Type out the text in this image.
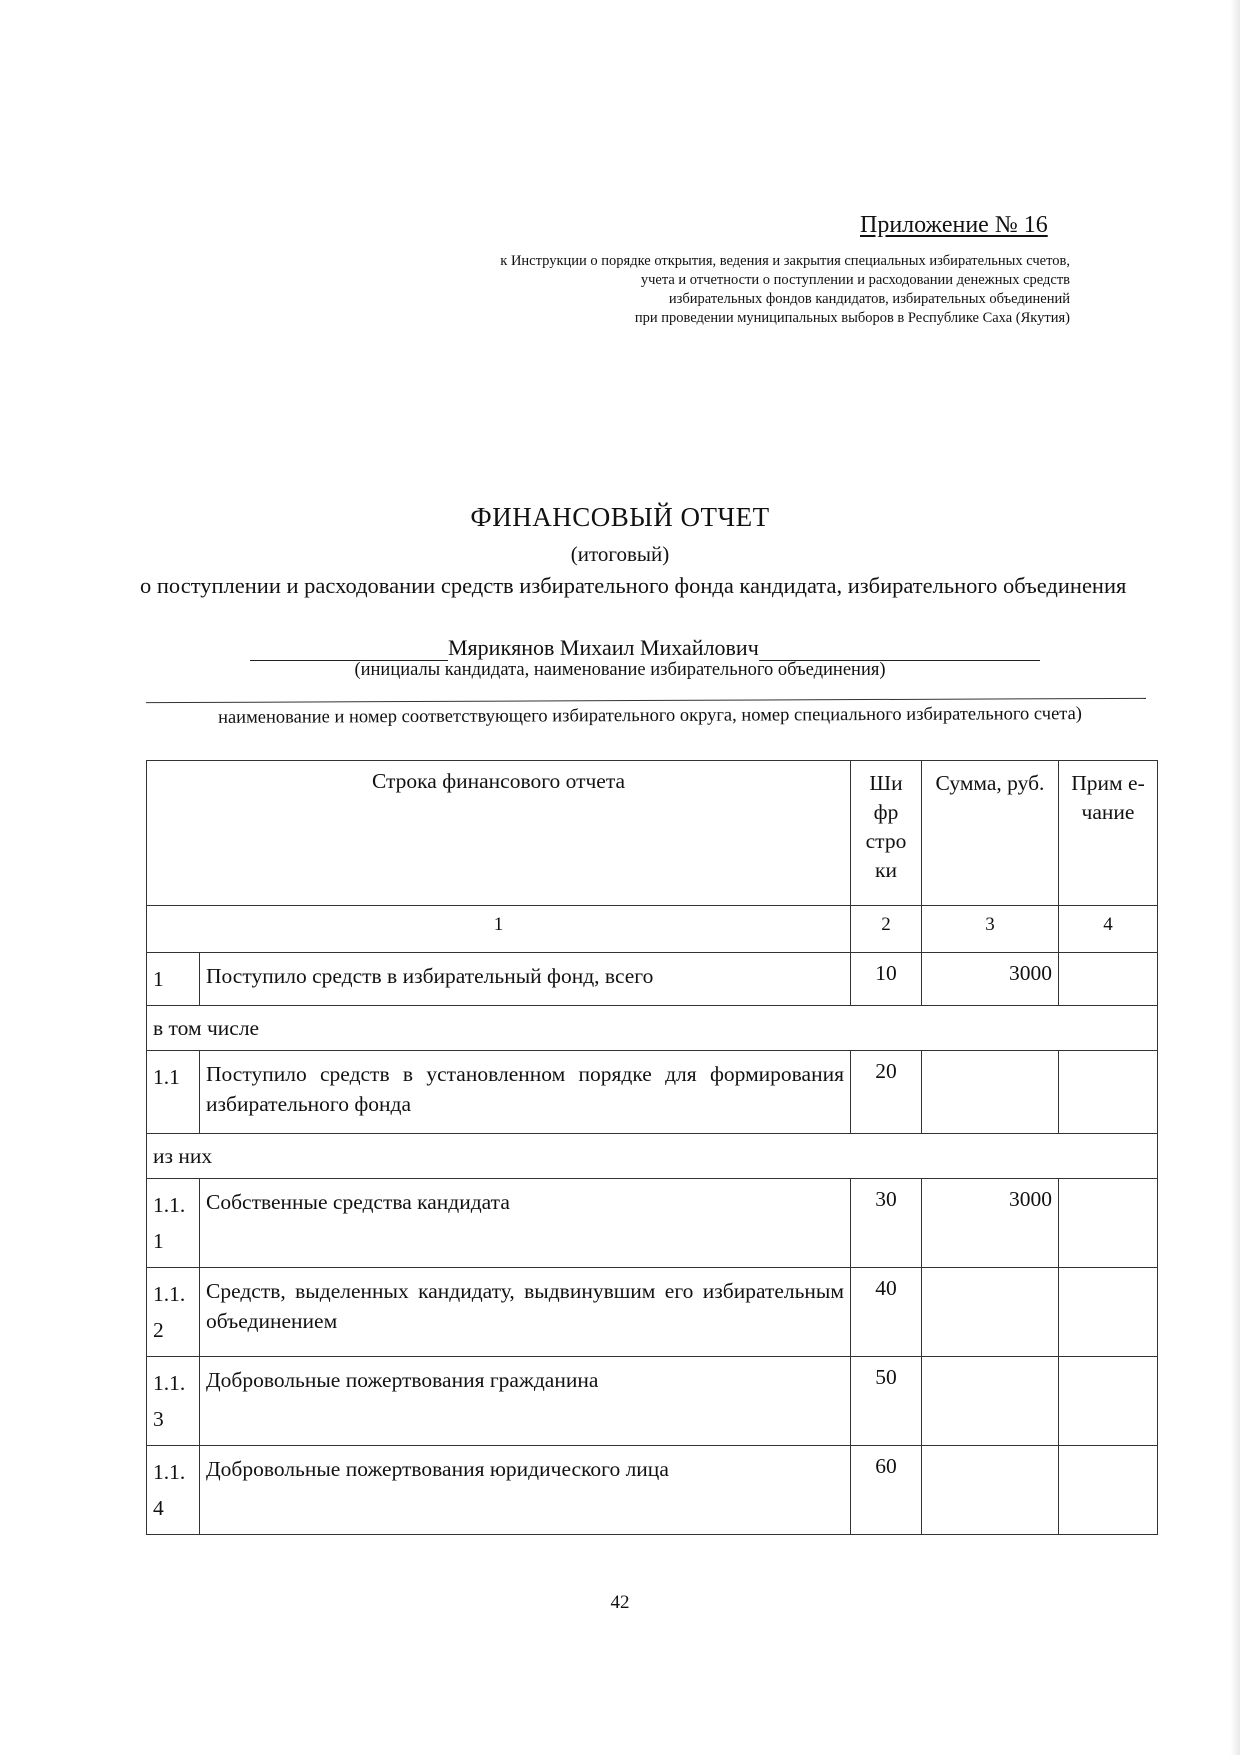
Приложение № 16
к Инструкции о порядке открытия, ведения и закрытия специальных избирательных счетов,
учета и отчетности о поступлении и расходовании денежных средств
избирательных фондов кандидатов, избирательных объединений
при проведении муниципальных выборов в Республике Саха (Якутия)
ФИНАНСОВЫЙ ОТЧЕТ
(итоговый)
о поступлении и расходовании средств избирательного фонда кандидата, избирательного объединения
Мярикянов Михаил Михайлович
(инициалы кандидата, наименование избирательного объединения)
наименование и номер соответствующего избирательного округа, номер специального избирательного счета)
Строка финансового отчета		Ши фр стро ки	Сумма, руб.	Прим е- чание
1		2	3	4
1	Поступило средств в избирательный фонд, всего	10	3000	
в том числе				
1.1	Поступило средств в установленном порядке для формирования избирательного фонда	20		
из них				
1.1. 1	Собственные средства кандидата	30	3000	
1.1. 2	Средств, выделенных кандидату, выдвинувшим его избирательным объединением	40		
1.1. 3	Добровольные пожертвования гражданина	50		
1.1. 4	Добровольные пожертвования юридического лица	60		
42
